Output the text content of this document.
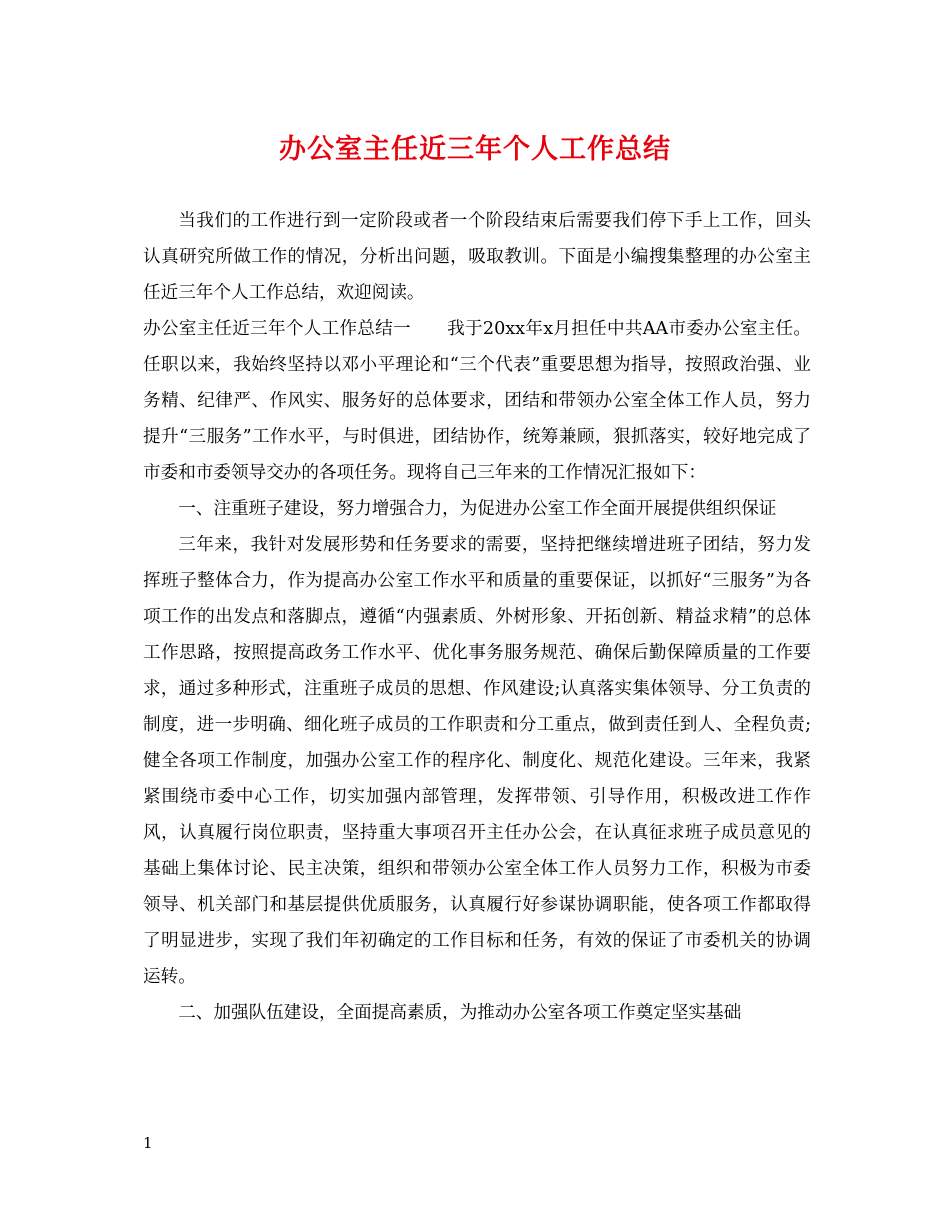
办公室主任近三年个人工作总结

当我们的工作进行到一定阶段或者一个阶段结束后需要我们停下手上工作，回头认真研究所做工作的情况，分析出问题，吸取教训。下面是小编搜集整理的办公室主任近三年个人工作总结，欢迎阅读。

办公室主任近三年个人工作总结一 我于20xx年x月担任中共AA市委办公室主任。任职以来，我始终坚持以邓小平理论和“三个代表”重要思想为指导，按照政治强、业务精、纪律严、作风实、服务好的总体要求，团结和带领办公室全体工作人员，努力提升“三服务”工作水平，与时俱进，团结协作，统筹兼顾，狠抓落实，较好地完成了市委和市委领导交办的各项任务。现将自己三年来的工作情况汇报如下：

一、注重班子建设，努力增强合力，为促进办公室工作全面开展提供组织保证

三年来，我针对发展形势和任务要求的需要，坚持把继续增进班子团结，努力发挥班子整体合力，作为提高办公室工作水平和质量的重要保证，以抓好“三服务”为各项工作的出发点和落脚点，遵循“内强素质、外树形象、开拓创新、精益求精”的总体工作思路，按照提高政务工作水平、优化事务服务规范、确保后勤保障质量的工作要求，通过多种形式，注重班子成员的思想、作风建设;认真落实集体领导、分工负责的制度，进一步明确、细化班子成员的工作职责和分工重点，做到责任到人、全程负责;健全各项工作制度，加强办公室工作的程序化、制度化、规范化建设。三年来，我紧紧围绕市委中心工作，切实加强内部管理，发挥带领、引导作用，积极改进工作作风，认真履行岗位职责，坚持重大事项召开主任办公会，在认真征求班子成员意见的基础上集体讨论、民主决策，组织和带领办公室全体工作人员努力工作，积极为市委领导、机关部门和基层提供优质服务，认真履行好参谋协调职能，使各项工作都取得了明显进步，实现了我们年初确定的工作目标和任务，有效的保证了市委机关的协调运转。

二、加强队伍建设，全面提高素质，为推动办公室各项工作奠定坚实基础

1
